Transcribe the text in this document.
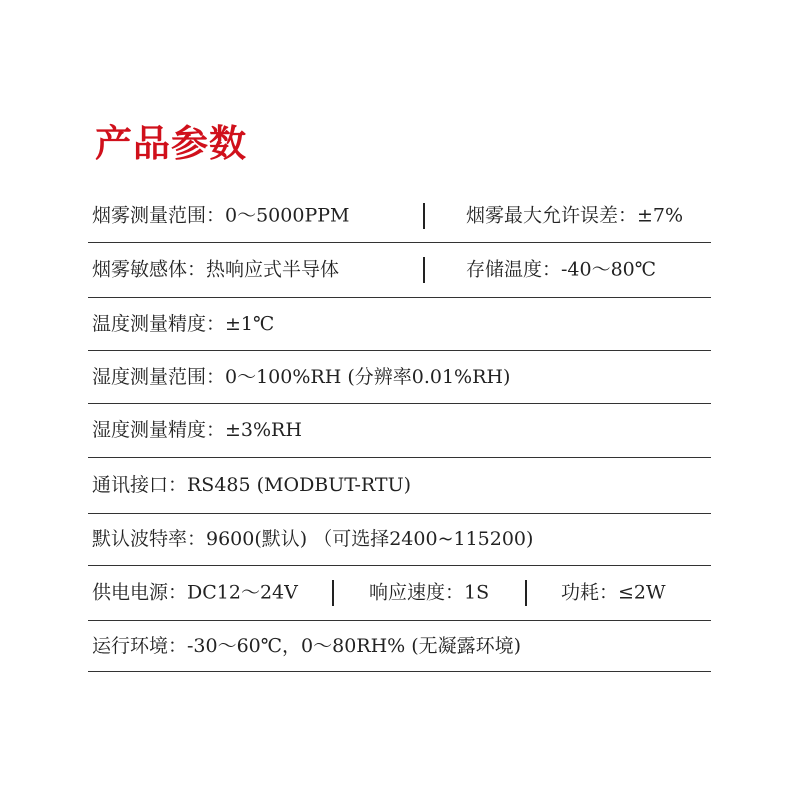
产品参数
烟雾测量范围：0～5000PPM	烟雾最大允许误差：±7%
烟雾敏感体：热响应式半导体	存储温度：-40～80℃
温度测量精度：±1℃
湿度测量范围：0～100%RH (分辨率0.01%RH)
湿度测量精度：±3%RH
通讯接口：RS485 (MODBUT-RTU)
默认波特率：9600(默认) （可选择2400~115200)
供电电源：DC12～24V	响应速度：1S	功耗：≤2W
运行环境：-30～60℃，0～80RH% (无凝露环境)
